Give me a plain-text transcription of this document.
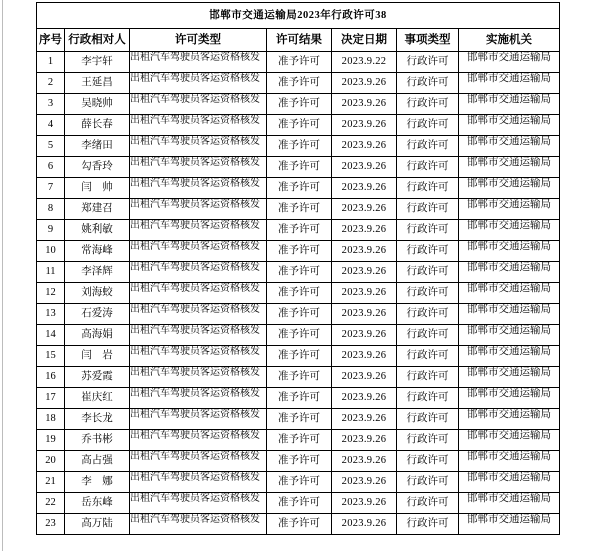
邯郸市交通运输局2023年行政许可38						
序号	行政相对人	许可类型	许可结果	决定日期	事项类型	实施机关
1	李宇轩	出租汽车驾驶员客运资格核发	准予许可	2023.9.22	行政许可	邯郸市交通运输局

2	王延昌	出租汽车驾驶员客运资格核发	准予许可	2023.9.26	行政许可	邯郸市交通运输局

3	吴晓帅	出租汽车驾驶员客运资格核发	准予许可	2023.9.26	行政许可	邯郸市交通运输局

4	薛长春	出租汽车驾驶员客运资格核发	准予许可	2023.9.26	行政许可	邯郸市交通运输局

5	李绪田	出租汽车驾驶员客运资格核发	准予许可	2023.9.26	行政许可	邯郸市交通运输局

6	勾香玲	出租汽车驾驶员客运资格核发	准予许可	2023.9.26	行政许可	邯郸市交通运输局

7	闫　帅	出租汽车驾驶员客运资格核发	准予许可	2023.9.26	行政许可	邯郸市交通运输局

8	郑建召	出租汽车驾驶员客运资格核发	准予许可	2023.9.26	行政许可	邯郸市交通运输局

9	姚利敏	出租汽车驾驶员客运资格核发	准予许可	2023.9.26	行政许可	邯郸市交通运输局

10	常海峰	出租汽车驾驶员客运资格核发	准予许可	2023.9.26	行政许可	邯郸市交通运输局

11	李泽辉	出租汽车驾驶员客运资格核发	准予许可	2023.9.26	行政许可	邯郸市交通运输局

12	刘海蛟	出租汽车驾驶员客运资格核发	准予许可	2023.9.26	行政许可	邯郸市交通运输局

13	石爱涛	出租汽车驾驶员客运资格核发	准予许可	2023.9.26	行政许可	邯郸市交通运输局

14	高海娟	出租汽车驾驶员客运资格核发	准予许可	2023.9.26	行政许可	邯郸市交通运输局

15	闫　岩	出租汽车驾驶员客运资格核发	准予许可	2023.9.26	行政许可	邯郸市交通运输局

16	苏爱霞	出租汽车驾驶员客运资格核发	准予许可	2023.9.26	行政许可	邯郸市交通运输局

17	崔庆红	出租汽车驾驶员客运资格核发	准予许可	2023.9.26	行政许可	邯郸市交通运输局

18	李长龙	出租汽车驾驶员客运资格核发	准予许可	2023.9.26	行政许可	邯郸市交通运输局

19	乔书彬	出租汽车驾驶员客运资格核发	准予许可	2023.9.26	行政许可	邯郸市交通运输局

20	高占强	出租汽车驾驶员客运资格核发	准予许可	2023.9.26	行政许可	邯郸市交通运输局

21	李　娜	出租汽车驾驶员客运资格核发	准予许可	2023.9.26	行政许可	邯郸市交通运输局

22	岳东峰	出租汽车驾驶员客运资格核发	准予许可	2023.9.26	行政许可	邯郸市交通运输局

23	高万陆	出租汽车驾驶员客运资格核发	准予许可	2023.9.26	行政许可	邯郸市交通运输局
